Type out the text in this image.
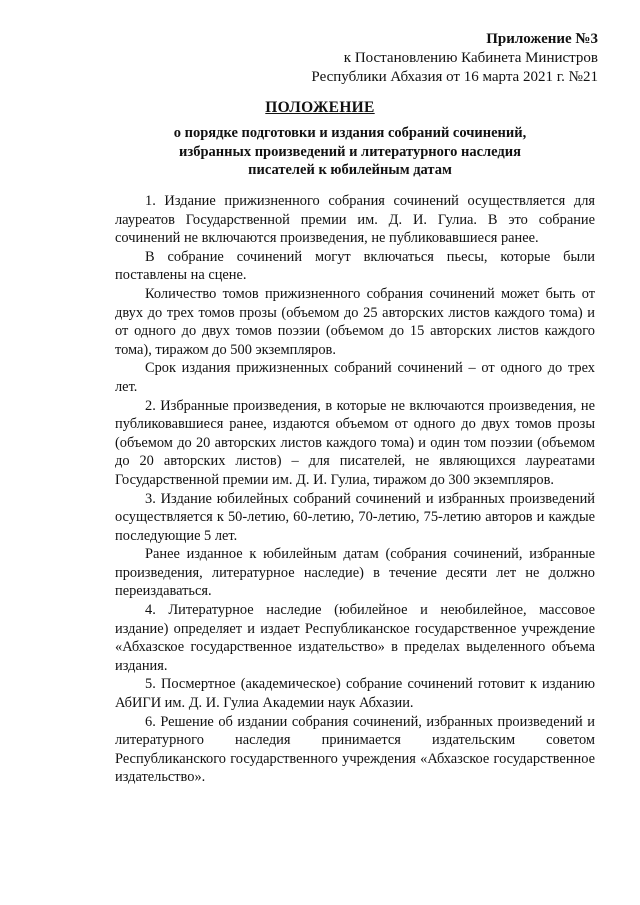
Приложение №3
к Постановлению Кабинета Министров
Республики Абхазия от 16 марта 2021 г. №21
ПОЛОЖЕНИЕ
о порядке подготовки и издания собраний сочинений,
избранных произведений и литературного наследия
писателей к юбилейным датам

1. Издание прижизненного собрания сочинений осуществляется для лауреатов Государственной премии им. Д. И. Гулиа. В это собрание сочинений не включаются произведения, не публиковавшиеся ранее.

В собрание сочинений могут включаться пьесы, которые были поставлены на сцене.

Количество томов прижизненного собрания сочинений может быть от двух до трех томов прозы (объемом до 25 авторских листов каждого тома) и от одного до двух томов поэзии (объемом до 15 авторских листов каждого тома), тиражом до 500 экземпляров.

Срок издания прижизненных собраний сочинений – от одного до трех лет.

2. Избранные произведения, в которые не включаются произведения, не публиковавшиеся ранее, издаются объемом от одного до двух томов прозы (объемом до 20 авторских листов каждого тома) и один том поэзии (объемом до 20 авторских листов) – для писателей, не являющихся лауреатами Государственной премии им. Д. И. Гулиа, тиражом до 300 экземпляров.

3. Издание юбилейных собраний сочинений и избранных произведений осуществляется к 50-летию, 60-летию, 70-летию, 75-летию авторов и каждые последующие 5 лет.

Ранее изданное к юбилейным датам (собрания сочинений, избранные произведения, литературное наследие) в течение десяти лет не должно переиздаваться.

4. Литературное наследие (юбилейное и неюбилейное, массовое издание) определяет и издает Республиканское государственное учреждение «Абхазское государственное издательство» в пределах выделенного объема издания.

5. Посмертное (академическое) собрание сочинений готовит к изданию АбИГИ им. Д. И. Гулиа Академии наук Абхазии.

6. Решение об издании собрания сочинений, избранных произведений и литературного наследия принимается издательским советом Республиканского государственного учреждения «Абхазское государственное издательство».
